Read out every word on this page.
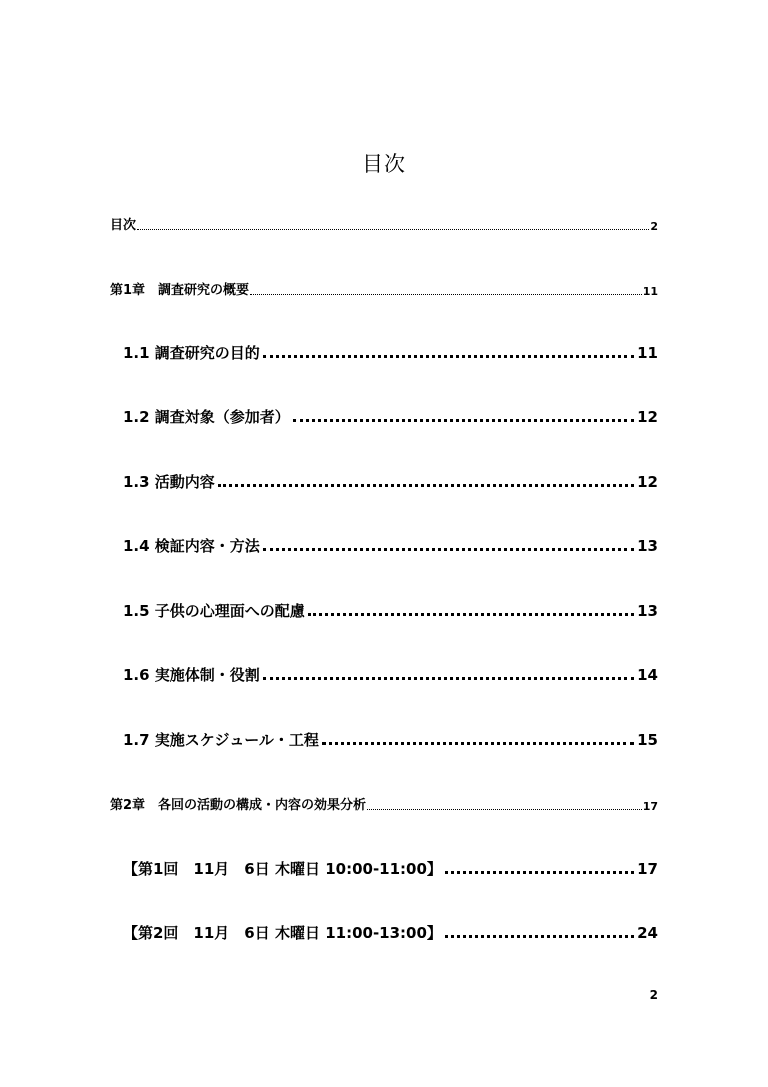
目次
目次	2
第1章　調査研究の概要	11
1.1 調査研究の目的	11
1.2 調査対象（参加者）	12
1.3 活動内容	12
1.4 検証内容・方法	13
1.5 子供の心理面への配慮	13
1.6 実施体制・役割	14
1.7 実施スケジュール・工程	15
第2章　各回の活動の構成・内容の効果分析	17
【第1回　11月　6日 木曜日 10:00-11:00】	17
【第2回　11月　6日 木曜日 11:00-13:00】	24
2
